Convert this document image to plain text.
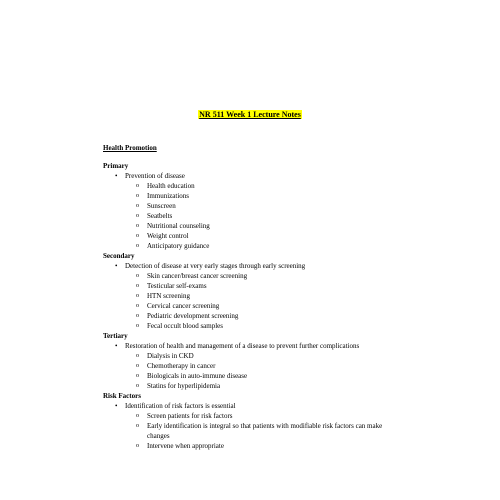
NR 511 Week 1 Lecture Notes
Health Promotion
Primary
• Prevention of disease
o Health education
o Immunizations
o Sunscreen
o Seatbelts
o Nutritional counseling
o Weight control
o Anticipatory guidance
Secondary
• Detection of disease at very early stages through early screening
o Skin cancer/breast cancer screening
o Testicular self-exams
o HTN screening
o Cervical cancer screening
o Pediatric development screening
o Fecal occult blood samples
Tertiary
• Restoration of health and management of a disease to prevent further complications
o Dialysis in CKD
o Chemotherapy in cancer
o Biologicals in auto-immune disease
o Statins for hyperlipidemia
Risk Factors
• Identification of risk factors is essential
o Screen patients for risk factors
o Early identification is integral so that patients with modifiable risk factors can make changes
o Intervene when appropriate
